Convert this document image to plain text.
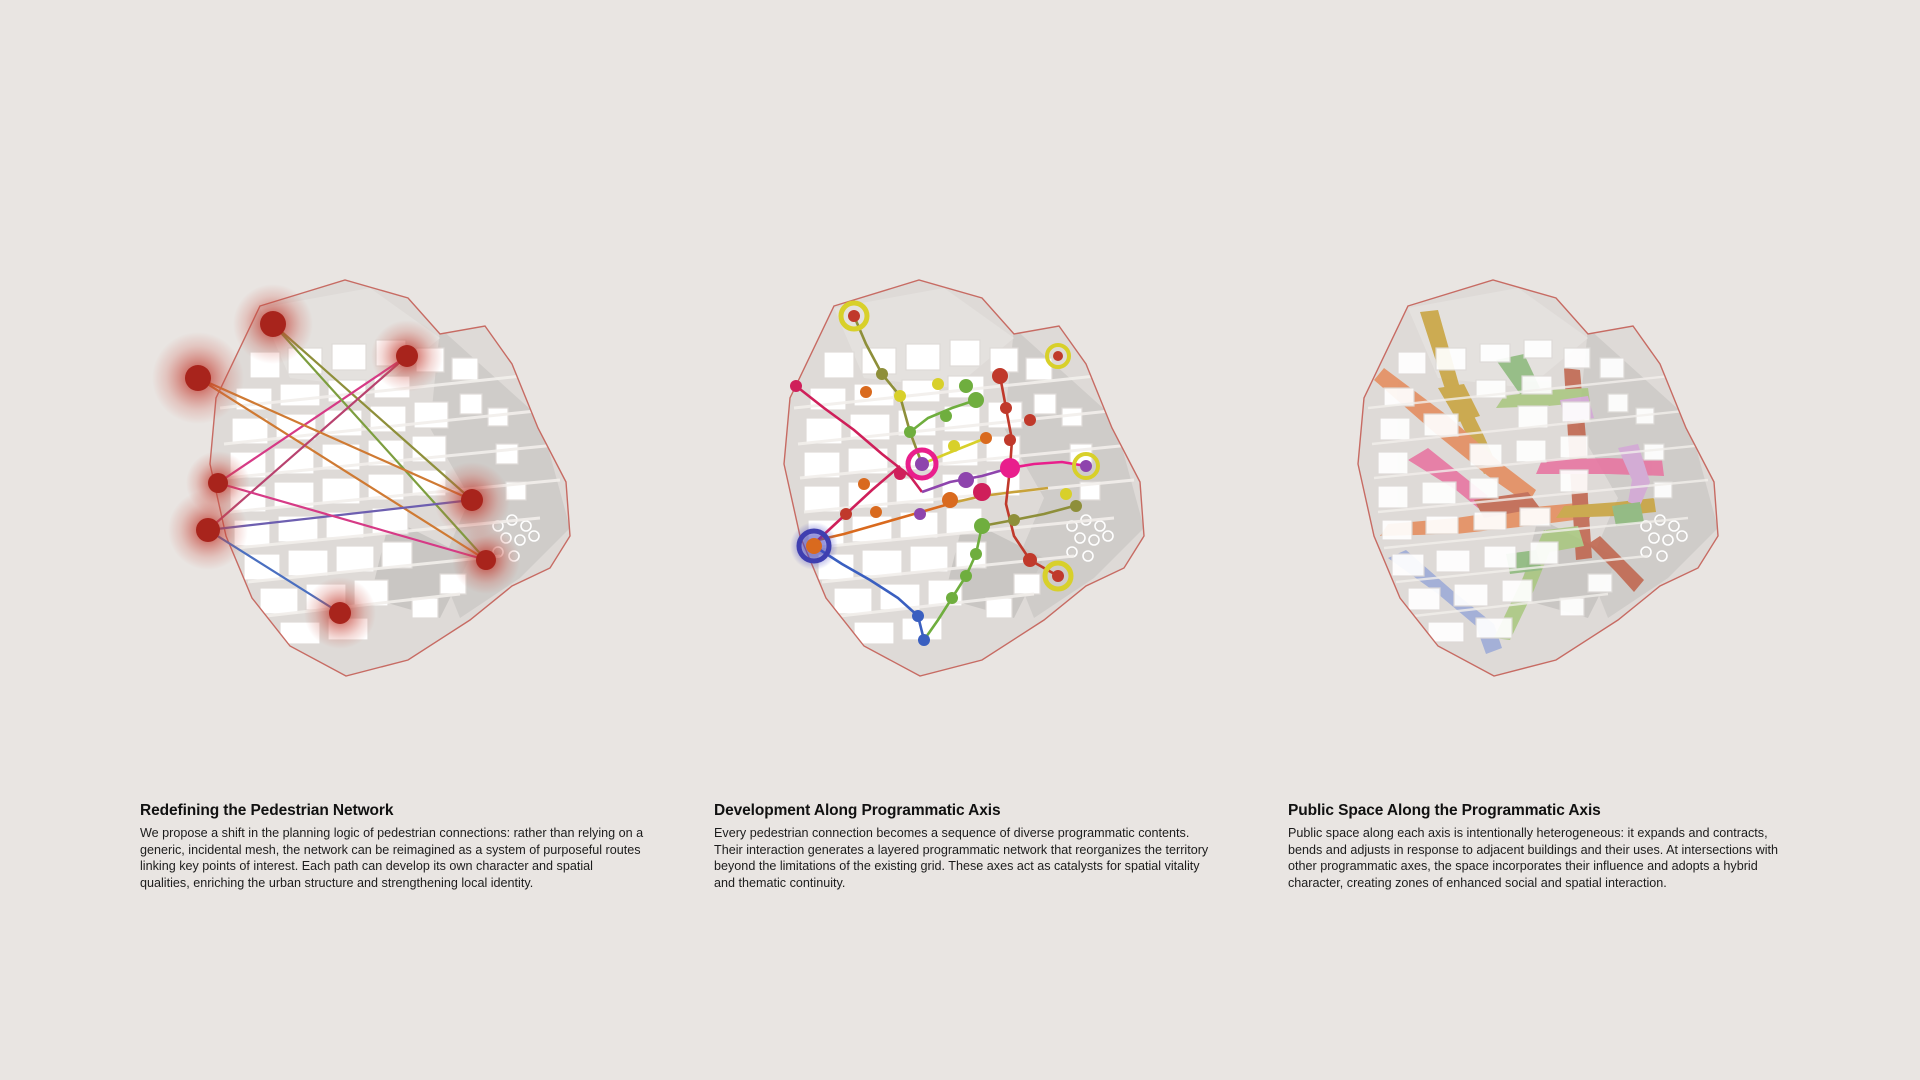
Redefining the Pedestrian Network

We propose a shift in the planning logic of pedestrian connections: rather than relying on a generic, incidental mesh, the network can be reimagined as a system of purposeful routes linking key points of interest. Each path can develop its own character and spatial qualities, enriching the urban structure and strengthening local identity.

Development Along Programmatic Axis

Every pedestrian connection becomes a sequence of diverse programmatic contents. Their interaction generates a layered programmatic network that reorganizes the territory beyond the limitations of the existing grid. These axes act as catalysts for spatial vitality and thematic continuity.

Public Space Along the Programmatic Axis

Public space along each axis is intentionally heterogeneous: it expands and contracts, bends and adjusts in response to adjacent buildings and their uses. At intersections with other programmatic axes, the space incorporates their influence and adopts a hybrid character, creating zones of enhanced social and spatial interaction.
